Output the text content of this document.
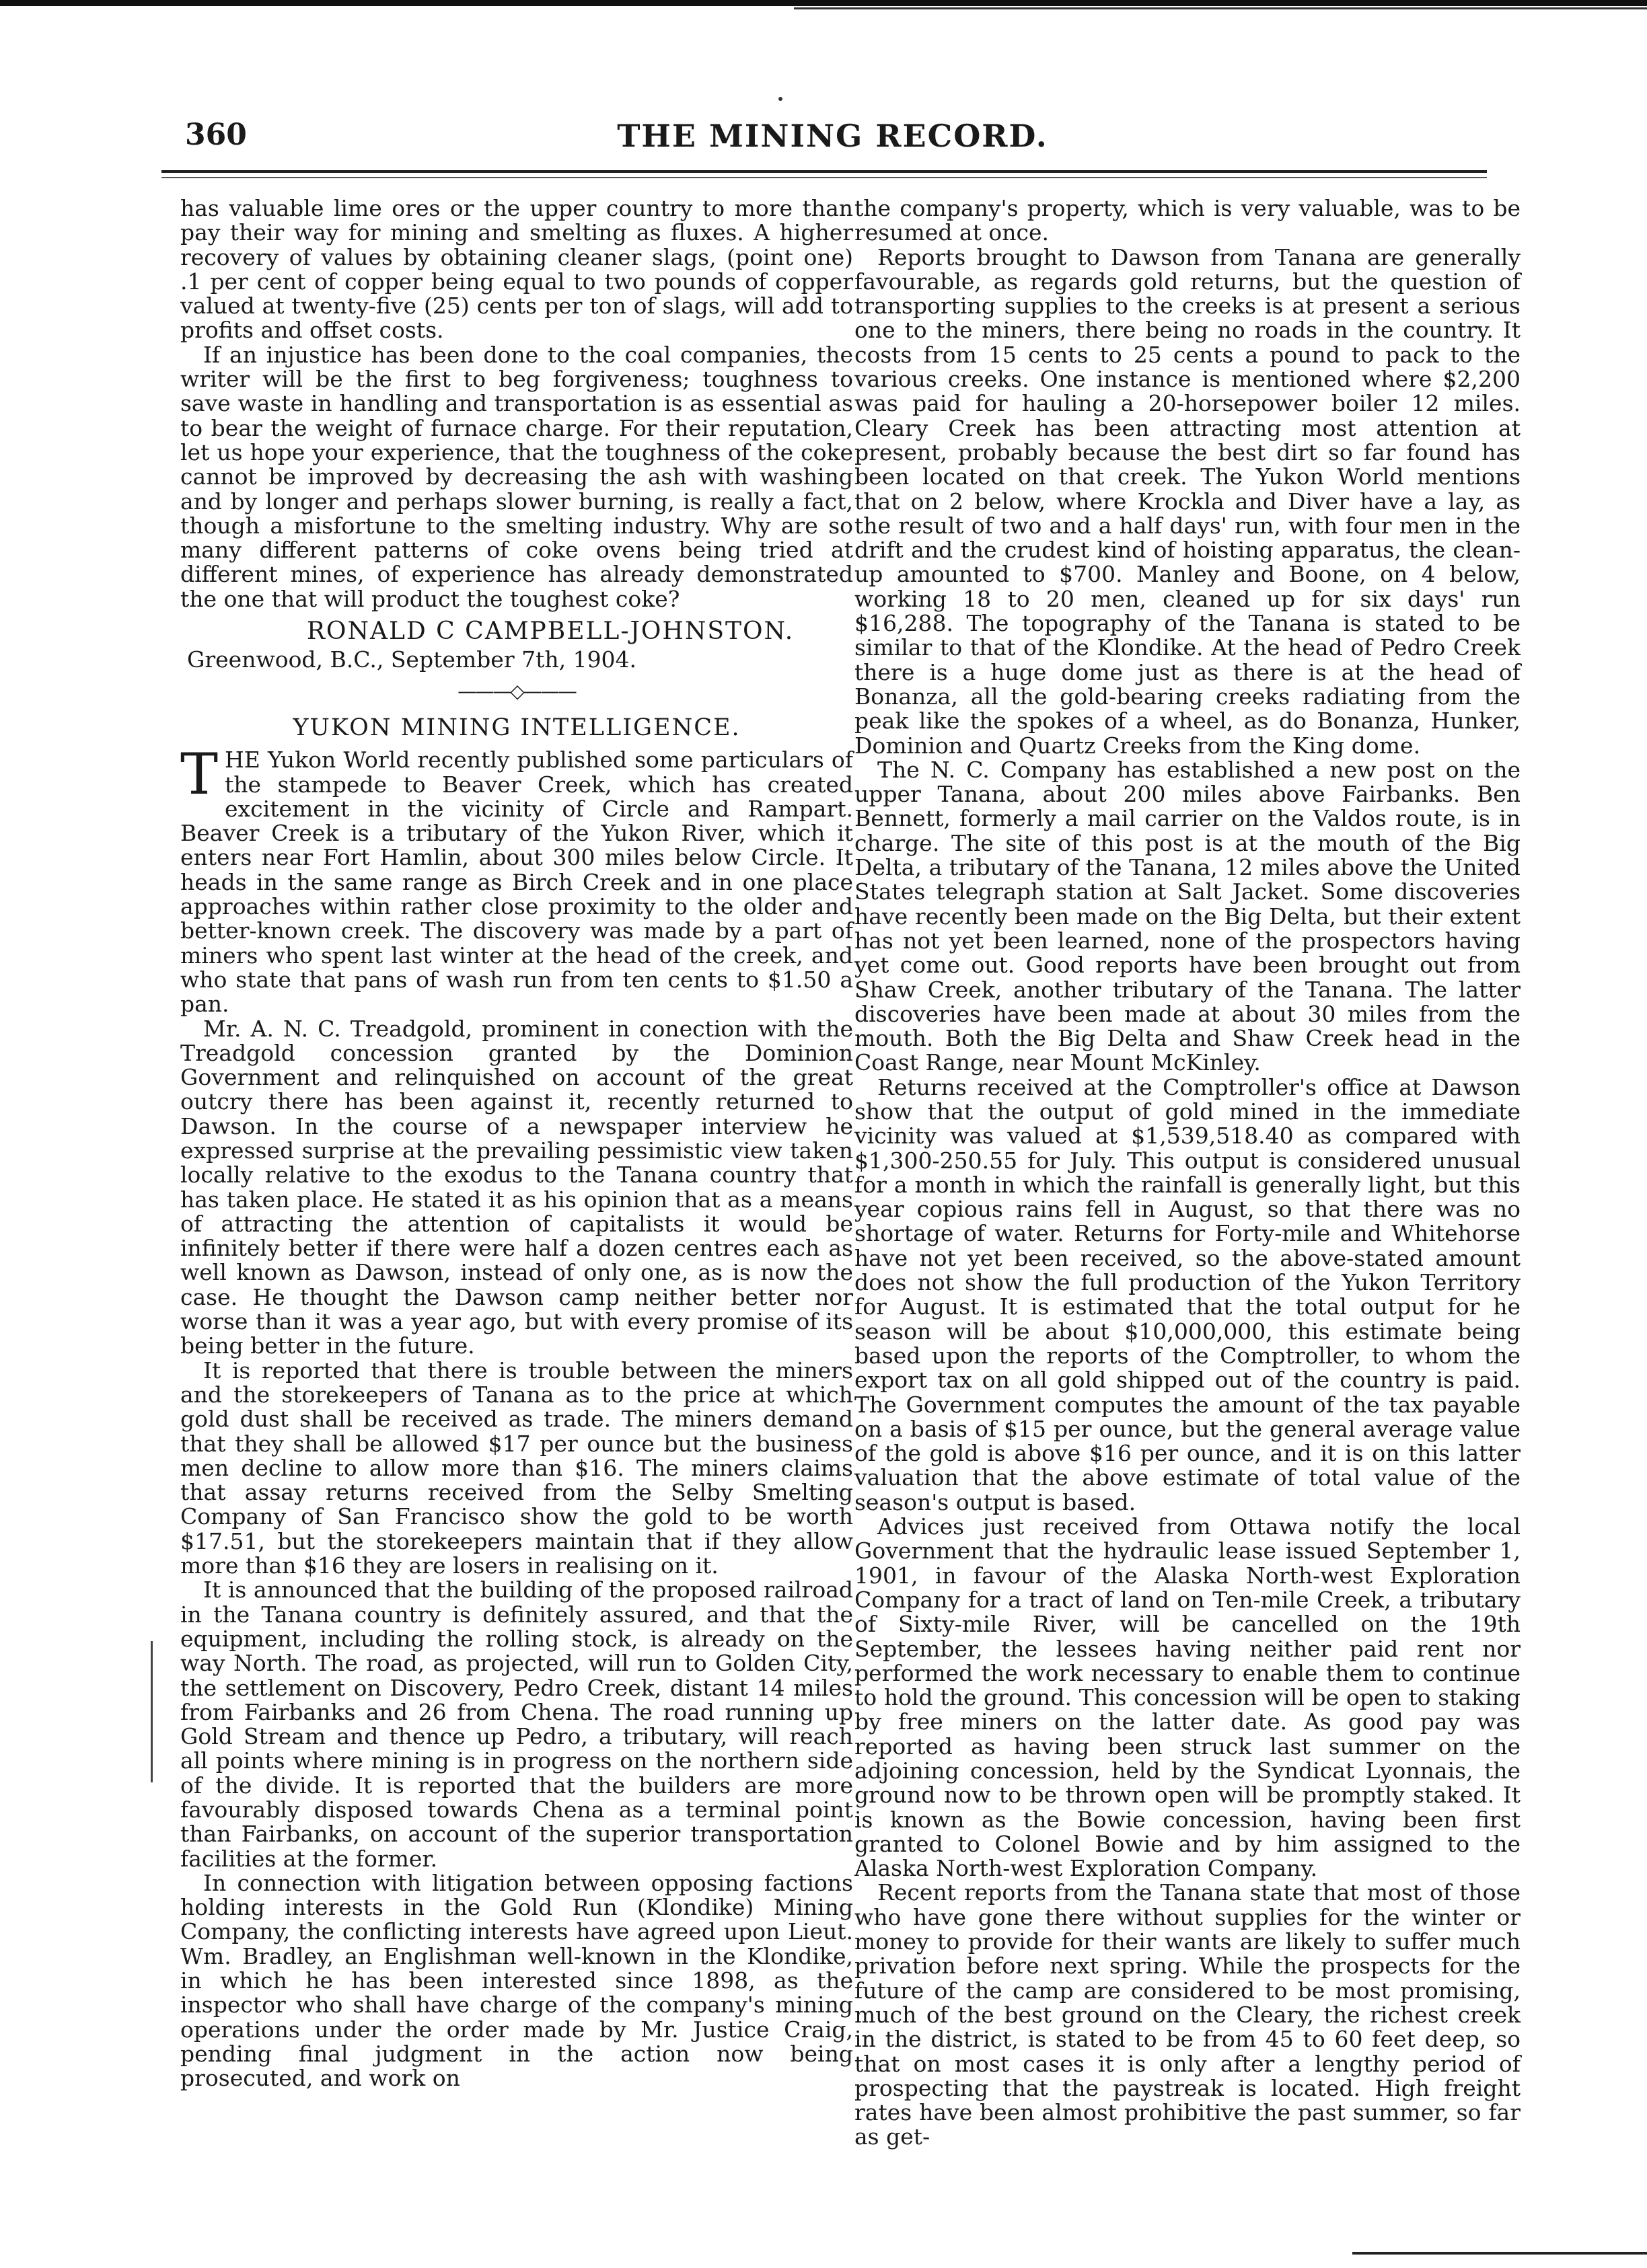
360	THE MINING RECORD.

has valuable lime ores or the upper country to more than pay their way for mining and smelting as fluxes. A higher recovery of values by obtaining cleaner slags, (point one) .1 per cent of copper being equal to two pounds of copper valued at twenty-five (25) cents per ton of slags, will add to profits and offset costs.

If an injustice has been done to the coal companies, the writer will be the first to beg forgiveness; toughness to save waste in handling and transportation is as essential as to bear the weight of furnace charge. For their reputation, let us hope your experience, that the toughness of the coke cannot be improved by decreasing the ash with washing and by longer and perhaps slower burning, is really a fact, though a misfortune to the smelting industry. Why are so many different patterns of coke ovens being tried at different mines, of experience has already demonstrated the one that will product the toughest coke?

RONALD C CAMPBELL-JOHNSTON.
Greenwood, B.C., September 7th, 1904.
———◇———
YUKON MINING INTELLIGENCE.

THE Yukon World recently published some particulars of the stampede to Beaver Creek, which has created excitement in the vicinity of Circle and Rampart. Beaver Creek is a tributary of the Yukon River, which it enters near Fort Hamlin, about 300 miles below Circle. It heads in the same range as Birch Creek and in one place approaches within rather close proximity to the older and better-known creek. The discovery was made by a part of miners who spent last winter at the head of the creek, and who state that pans of wash run from ten cents to $1.50 a pan.

Mr. A. N. C. Treadgold, prominent in conection with the Treadgold concession granted by the Dominion Government and relinquished on account of the great outcry there has been against it, recently returned to Dawson. In the course of a newspaper interview he expressed surprise at the prevailing pessimistic view taken locally relative to the exodus to the Tanana country that has taken place. He stated it as his opinion that as a means of attracting the attention of capitalists it would be infinitely better if there were half a dozen centres each as well known as Dawson, instead of only one, as is now the case. He thought the Dawson camp neither better nor worse than it was a year ago, but with every promise of its being better in the future.

It is reported that there is trouble between the miners and the storekeepers of Tanana as to the price at which gold dust shall be received as trade. The miners demand that they shall be allowed $17 per ounce but the business men decline to allow more than $16. The miners claims that assay returns received from the Selby Smelting Company of San Francisco show the gold to be worth $17.51, but the storekeepers maintain that if they allow more than $16 they are losers in realising on it.

It is announced that the building of the proposed railroad in the Tanana country is definitely assured, and that the equipment, including the rolling stock, is already on the way North. The road, as projected, will run to Golden City, the settlement on Discovery, Pedro Creek, distant 14 miles from Fairbanks and 26 from Chena. The road running up Gold Stream and thence up Pedro, a tributary, will reach all points where mining is in progress on the northern side of the divide. It is reported that the builders are more favourably disposed towards Chena as a terminal point than Fairbanks, on account of the superior transportation facilities at the former.

In connection with litigation between opposing factions holding interests in the Gold Run (Klondike) Mining Company, the conflicting interests have agreed upon Lieut. Wm. Bradley, an Englishman well-known in the Klondike, in which he has been interested since 1898, as the inspector who shall have charge of the company's mining operations under the order made by Mr. Justice Craig, pending final judgment in the action now being prosecuted, and work on

the company's property, which is very valuable, was to be resumed at once.

Reports brought to Dawson from Tanana are generally favourable, as regards gold returns, but the question of transporting supplies to the creeks is at present a serious one to the miners, there being no roads in the country. It costs from 15 cents to 25 cents a pound to pack to the various creeks. One instance is mentioned where $2,200 was paid for hauling a 20-horsepower boiler 12 miles. Cleary Creek has been attracting most attention at present, probably because the best dirt so far found has been located on that creek. The Yukon World mentions that on 2 below, where Krockla and Diver have a lay, as the result of two and a half days' run, with four men in the drift and the crudest kind of hoisting apparatus, the clean-up amounted to $700. Manley and Boone, on 4 below, working 18 to 20 men, cleaned up for six days' run $16,288. The topography of the Tanana is stated to be similar to that of the Klondike. At the head of Pedro Creek there is a huge dome just as there is at the head of Bonanza, all the gold-bearing creeks radiating from the peak like the spokes of a wheel, as do Bonanza, Hunker, Dominion and Quartz Creeks from the King dome.

The N. C. Company has established a new post on the upper Tanana, about 200 miles above Fairbanks. Ben Bennett, formerly a mail carrier on the Valdos route, is in charge. The site of this post is at the mouth of the Big Delta, a tributary of the Tanana, 12 miles above the United States telegraph station at Salt Jacket. Some discoveries have recently been made on the Big Delta, but their extent has not yet been learned, none of the prospectors having yet come out. Good reports have been brought out from Shaw Creek, another tributary of the Tanana. The latter discoveries have been made at about 30 miles from the mouth. Both the Big Delta and Shaw Creek head in the Coast Range, near Mount McKinley.

Returns received at the Comptroller's office at Dawson show that the output of gold mined in the immediate vicinity was valued at $1,539,518.40 as compared with $1,300-250.55 for July. This output is considered unusual for a month in which the rainfall is generally light, but this year copious rains fell in August, so that there was no shortage of water. Returns for Forty-mile and Whitehorse have not yet been received, so the above-stated amount does not show the full production of the Yukon Territory for August. It is estimated that the total output for he season will be about $10,000,000, this estimate being based upon the reports of the Comptroller, to whom the export tax on all gold shipped out of the country is paid. The Government computes the amount of the tax payable on a basis of $15 per ounce, but the general average value of the gold is above $16 per ounce, and it is on this latter valuation that the above estimate of total value of the season's output is based.

Advices just received from Ottawa notify the local Government that the hydraulic lease issued September 1, 1901, in favour of the Alaska North-west Exploration Company for a tract of land on Ten-mile Creek, a tributary of Sixty-mile River, will be cancelled on the 19th September, the lessees having neither paid rent nor performed the work necessary to enable them to continue to hold the ground. This concession will be open to staking by free miners on the latter date. As good pay was reported as having been struck last summer on the adjoining concession, held by the Syndicat Lyonnais, the ground now to be thrown open will be promptly staked. It is known as the Bowie concession, having been first granted to Colonel Bowie and by him assigned to the Alaska North-west Exploration Company.

Recent reports from the Tanana state that most of those who have gone there without supplies for the winter or money to provide for their wants are likely to suffer much privation before next spring. While the prospects for the future of the camp are considered to be most promising, much of the best ground on the Cleary, the richest creek in the district, is stated to be from 45 to 60 feet deep, so that on most cases it is only after a lengthy period of prospecting that the paystreak is located. High freight rates have been almost prohibitive the past summer, so far as get-
